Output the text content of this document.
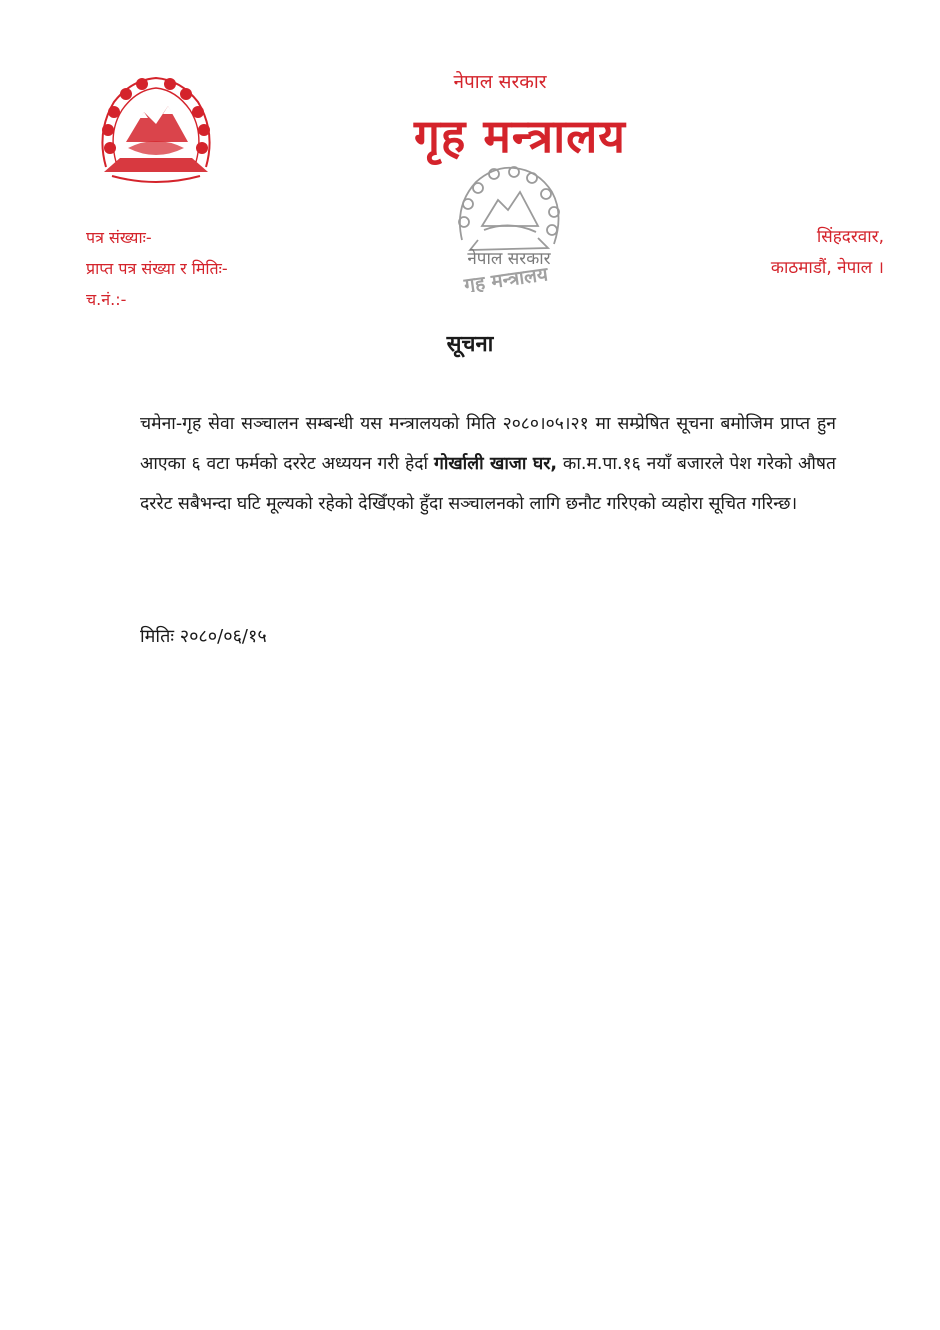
नेपाल सरकार
गृह मन्त्रालय
पत्र संख्याः-
प्राप्त पत्र संख्या र मितिः-
च.नं.:-
नेपाल सरकार
गृह मन्त्रालय
सिंहदरवार,
काठमाडौं, नेपाल ।
सूचना
चमेना-गृह सेवा सञ्चालन सम्बन्धी यस मन्त्रालयको मिति २०८०।०५।२१ मा सम्प्रेषित सूचना बमोजिम प्राप्त हुन आएका ६ वटा फर्मको दररेट अध्ययन गरी हेर्दा गोर्खाली खाजा घर, का.म.पा.१६ नयाँ बजारले पेश गरेको औषत दररेट सबैभन्दा घटि मूल्यको रहेको देखिँएको हुँदा सञ्चालनको लागि छनौट गरिएको व्यहोरा सूचित गरिन्छ।
मितिः २०८०/०६/१५
